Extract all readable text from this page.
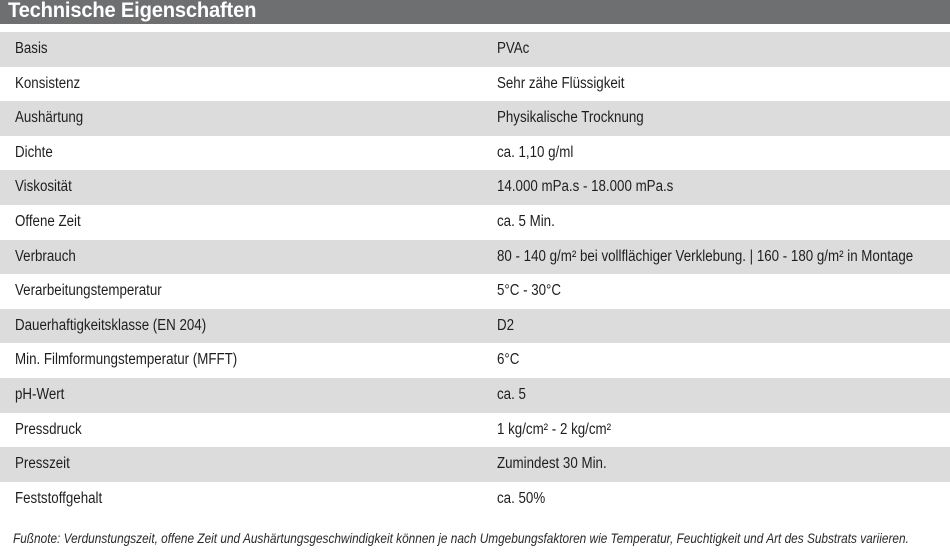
Technische Eigenschaften
Basis	PVAc
Konsistenz	Sehr zähe Flüssigkeit
Aushärtung	Physikalische Trocknung
Dichte	ca. 1,10 g/ml
Viskosität	14.000 mPa.s - 18.000 mPa.s
Offene Zeit	ca. 5 Min.
Verbrauch	80 - 140 g/m² bei vollflächiger Verklebung. | 160 - 180 g/m² in Montage
Verarbeitungstemperatur	5°C - 30°C
Dauerhaftigkeitsklasse (EN 204)	D2
Min. Filmformungstemperatur (MFFT)	6°C
pH-Wert	ca. 5
Pressdruck	1 kg/cm² - 2 kg/cm²
Presszeit	Zumindest 30 Min.
Feststoffgehalt	ca. 50%
Fußnote: Verdunstungszeit, offene Zeit und Aushärtungsgeschwindigkeit können je nach Umgebungsfaktoren wie Temperatur, Feuchtigkeit und Art des Substrats variieren.
